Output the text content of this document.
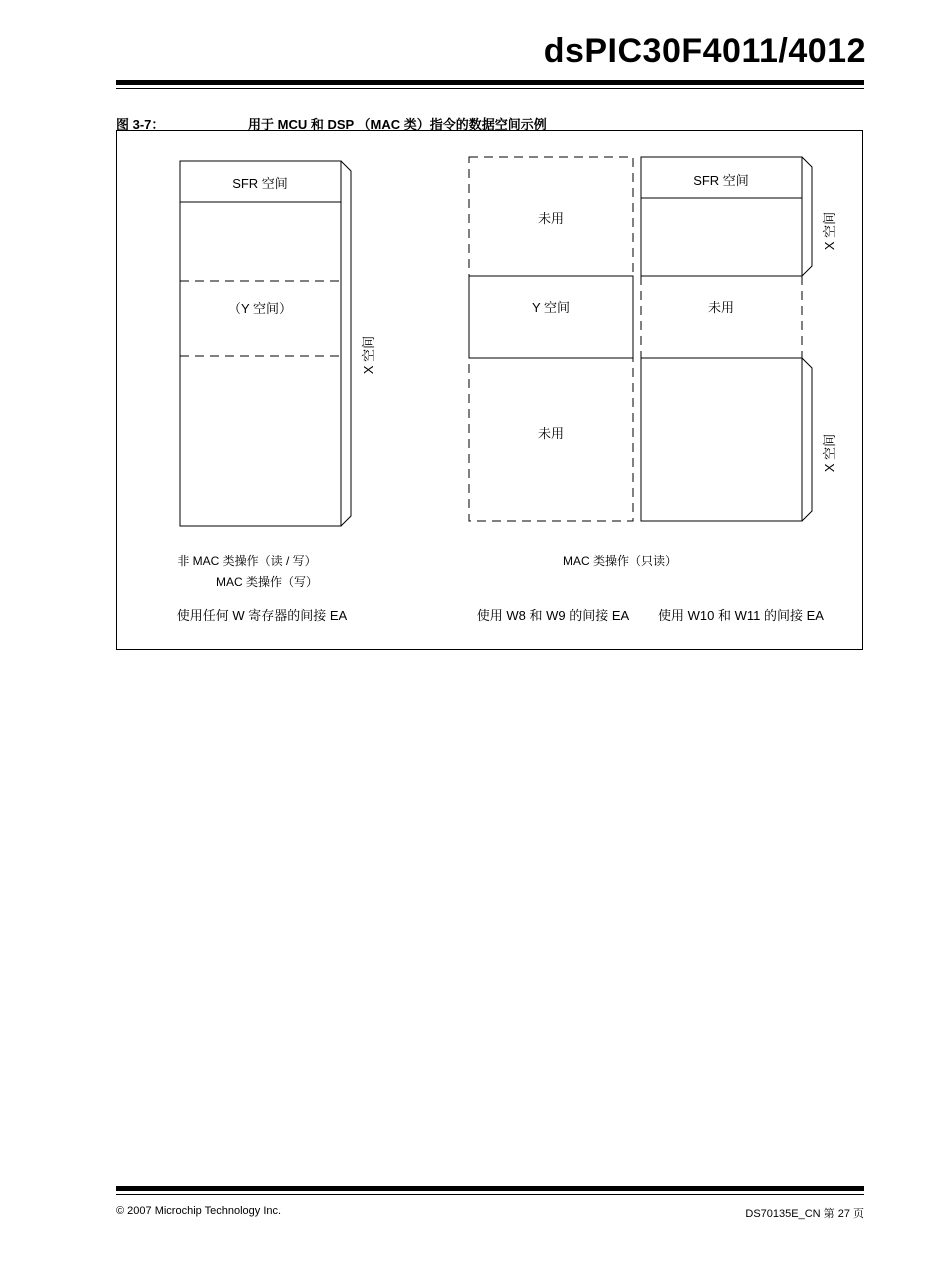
dsPIC30F4011/4012
图 3-7：	用于 MCU 和 DSP （MAC 类）指令的数据空间示例
SFR 空间
（Y 空间）
X 空间
未用
Y 空间
未用
SFR 空间
未用
X 空间
X 空间
非 MAC 类操作（读 / 写）
MAC 类操作（写）
MAC 类操作（只读）
使用任何 W 寄存器的间接 EA	使用 W8 和 W9 的间接 EA 使用 W10 和 W11 的间接 EA
© 2007 Microchip Technology Inc.	DS70135E_CN 第 27 页
